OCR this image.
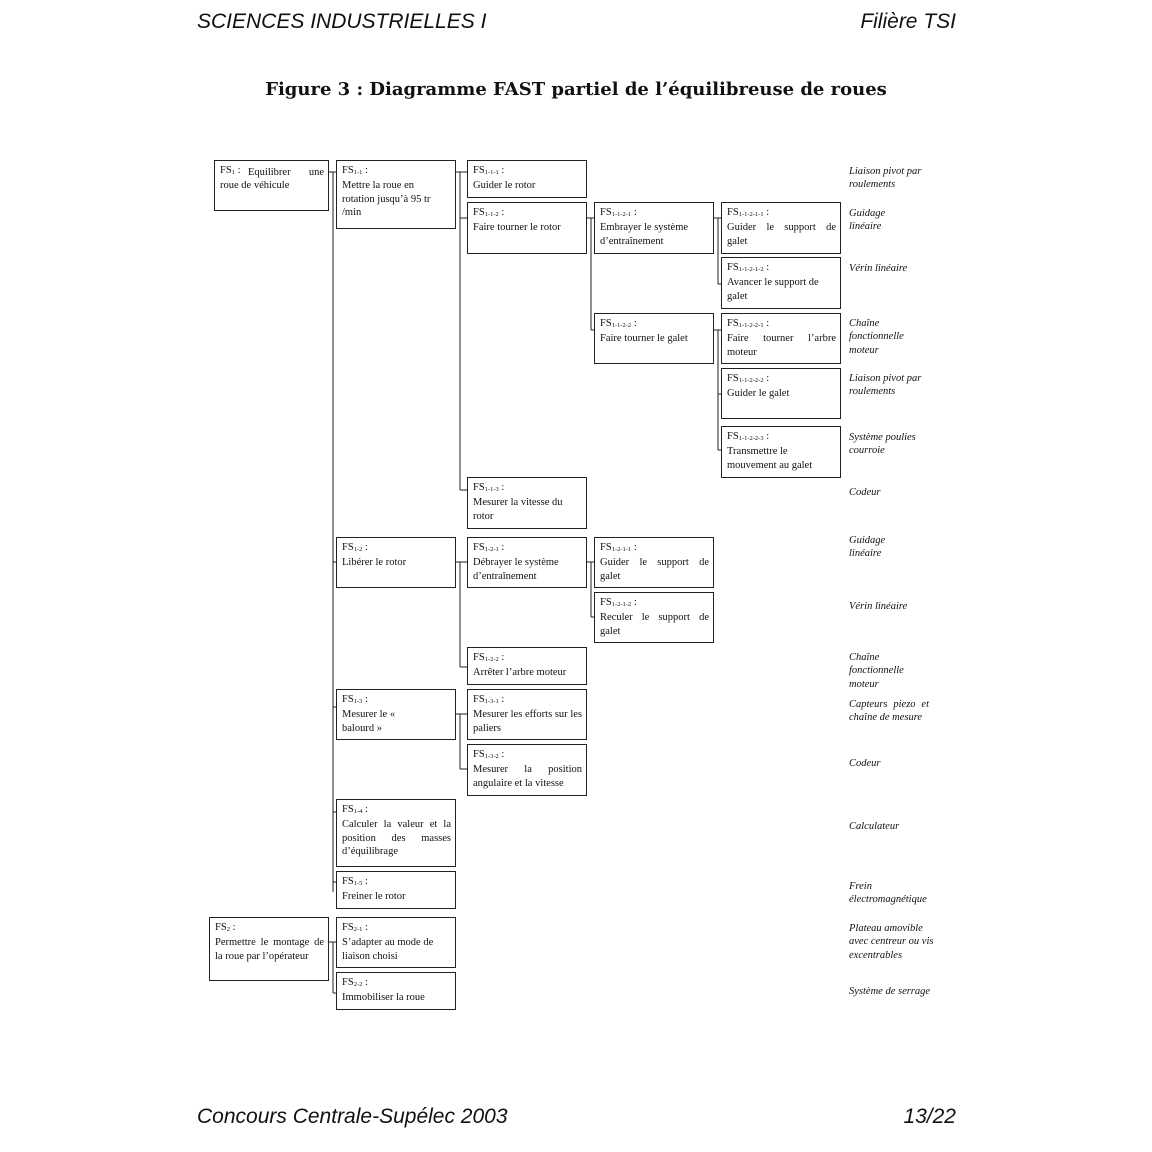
SCIENCES INDUSTRIELLES I	Filière TSI
Figure 3 : Diagramme FAST partiel de l’équilibreuse de roues
$FS_1$ : Equilibrer une roue de véhicule
$FS_2$ :
Permettre le montage de la roue par l’opérateur
$FS_{1-1}$ :
Mettre la roue en rotation jusqu’à 95 tr /min
$FS_{1-2}$ :
Libérer le rotor
$FS_{1-3}$ :
Mesurer le « balourd »
$FS_{1-4}$ :
Calculer la valeur et la position des masses d’équilibrage
$FS_{1-5}$ :
Freiner le rotor
$FS_{2-1}$ :
S’adapter au mode de liaison choisi
$FS_{2-2}$ :
Immobiliser la roue
$FS_{1-1-1}$ :
Guider le rotor
$FS_{1-1-2}$ :
Faire tourner le rotor
$FS_{1-1-3}$ :
Mesurer la vitesse du rotor
$FS_{1-2-1}$ :
Débrayer le système d’entraînement
$FS_{1-2-2}$ :
Arrêter l’arbre moteur
$FS_{1-3-1}$ :
Mesurer les efforts sur les paliers
$FS_{1-3-2}$ :
Mesurer la position angulaire et la vitesse
$FS_{1-1-2-1}$ :
Embrayer le système d’entraînement
$FS_{1-1-2-2}$ :
Faire tourner le galet
$FS_{1-2-1-1}$ :
Guider le support de galet
$FS_{1-2-1-2}$ :
Reculer le support de galet
$FS_{1-1-2-1-1}$ :
Guider le support de galet
$FS_{1-1-2-1-2}$ :
Avancer le support de galet
$FS_{1-1-2-2-1}$ :
Faire tourner l’arbre moteur
$FS_{1-1-2-2-2}$ :
Guider le galet
$FS_{1-1-2-2-3}$ :
Transmettre le mouvement au galet
Liaison pivot par roulements
Guidage linéaire
Vérin linéaire
Chaîne fonctionnelle moteur
Liaison pivot par roulements
Système poulies courroie
Codeur
Guidage linéaire
Vérin linéaire
Chaîne fonctionnelle moteur
Capteurs piezo et chaîne de mesure
Codeur
Calculateur
Frein électromagnétique
Plateau amovible avec centreur ou vis excentrables
Système de serrage
Concours Centrale-Supélec 2003	13/22
